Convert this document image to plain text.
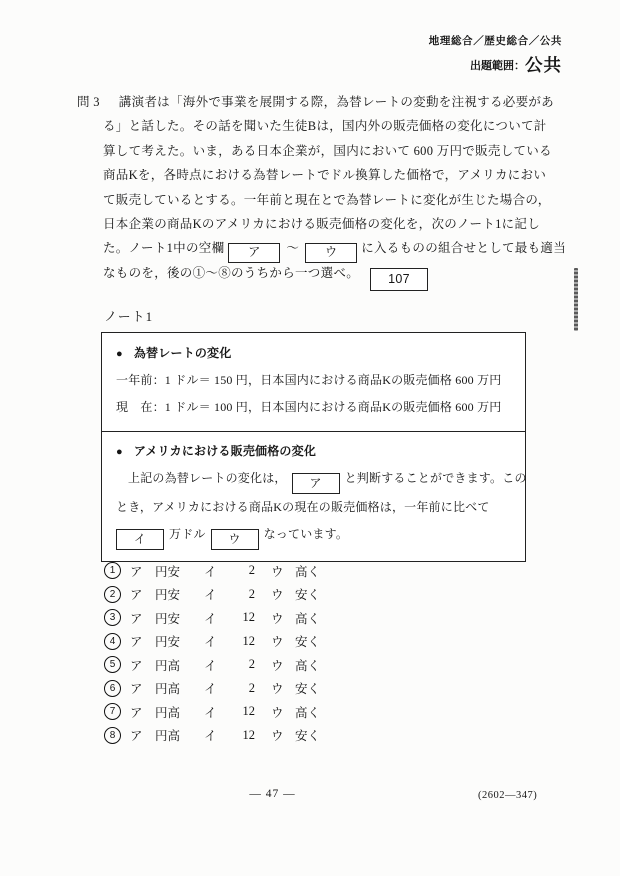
地理総合／歴史総合／公共
出題範囲：公共
問 3 講演者は「海外で事業を展開する際，為替レートの変動を注視する必要があ
る」と話した。その話を聞いた生徒Bは，国内外の販売価格の変化について計
算して考えた。いま，ある日本企業が，国内において 600 万円で販売している
商品Kを，各時点における為替レートでドル換算した価格で，アメリカにおい
て販売しているとする。一年前と現在とで為替レートに変化が生じた場合の，
日本企業の商品Kのアメリカにおける販売価格の変化を，次のノート1に記し
た。ノート1中の空欄 ア ～ ウ に入るものの組合せとして最も適当
なものを，後の①～⑧のうちから一つ選べ。 107
ノート1
● 為替レートの変化
一年前：1 ドル＝ 150 円，日本国内における商品Kの販売価格 600 万円
現　在：1 ドル＝ 100 円，日本国内における商品Kの販売価格 600 万円
● アメリカにおける販売価格の変化
上記の為替レートの変化は， ア と判断することができます。この
とき，アメリカにおける商品Kの現在の販売価格は，一年前に比べて
イ 万ドル ウ なっています。
1	ア 円安	イ	2 ウ 高く
2	ア 円安	イ	2 ウ 安く
3	ア 円安	イ	12 ウ 高く
4	ア 円安	イ	12 ウ 安く
5	ア 円高	イ	2 ウ 高く
6	ア 円高	イ	2 ウ 安く
7	ア 円高	イ	12 ウ 高く
8	ア 円高	イ	12 ウ 安く
— 47 —	(2602—347)
